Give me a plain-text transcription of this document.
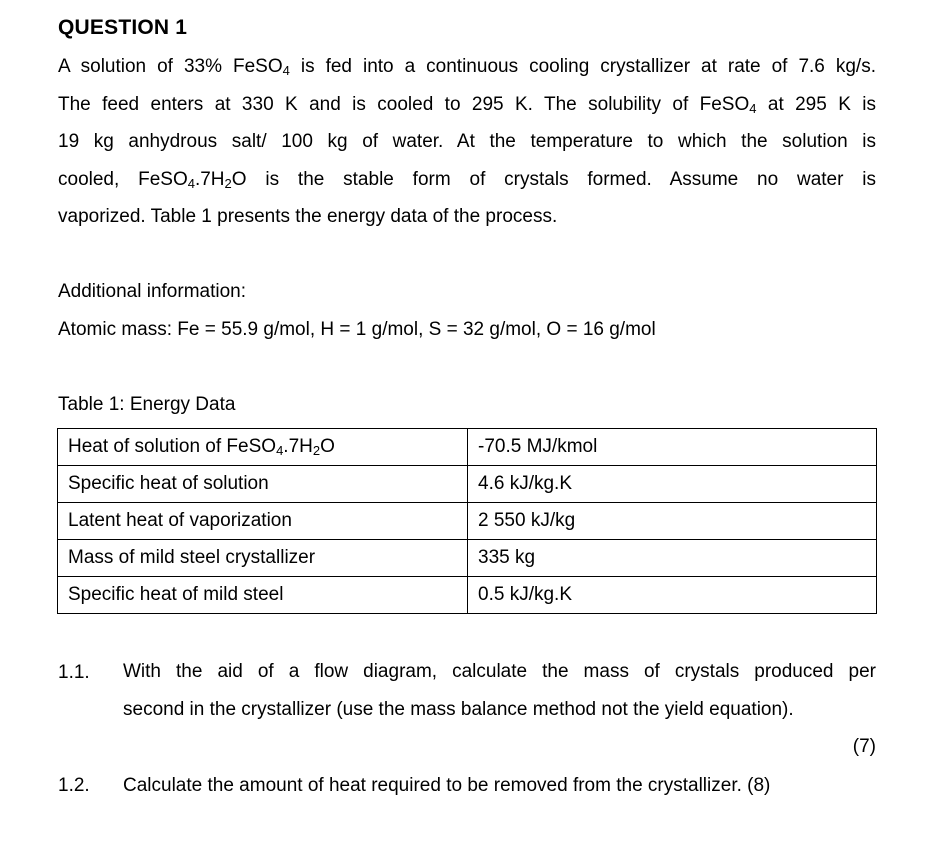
QUESTION 1
A solution of 33% FeSO$_4$ is fed into a continuous cooling crystallizer at rate of 7.6 kg/s.
The feed enters at 330 K and is cooled to 295 K. The solubility of FeSO$_4$ at 295 K is
19 kg anhydrous salt/ 100 kg of water. At the temperature to which the solution is
cooled, $FeSO_4.7H_2O$ is the stable form of crystals formed. Assume no water is
vaporized. Table 1 presents the energy data of the process.
Additional information:
Atomic mass: Fe = 55.9 g/mol, H = 1 g/mol, S = 32 g/mol, O = 16 g/mol
Table 1: Energy Data
Heat of solution of $FeSO_4.7H_2O$	-70.5 MJ/kmol
Specific heat of solution	4.6 kJ/kg.K
Latent heat of vaporization	2 550 kJ/kg
Mass of mild steel crystallizer	335 kg
Specific heat of mild steel	0.5 kJ/kg.K
1.1. With the aid of a flow diagram, calculate the mass of crystals produced per
second in the crystallizer (use the mass balance method not the yield equation).
(7)
1.2. Calculate the amount of heat required to be removed from the crystallizer. (8)
